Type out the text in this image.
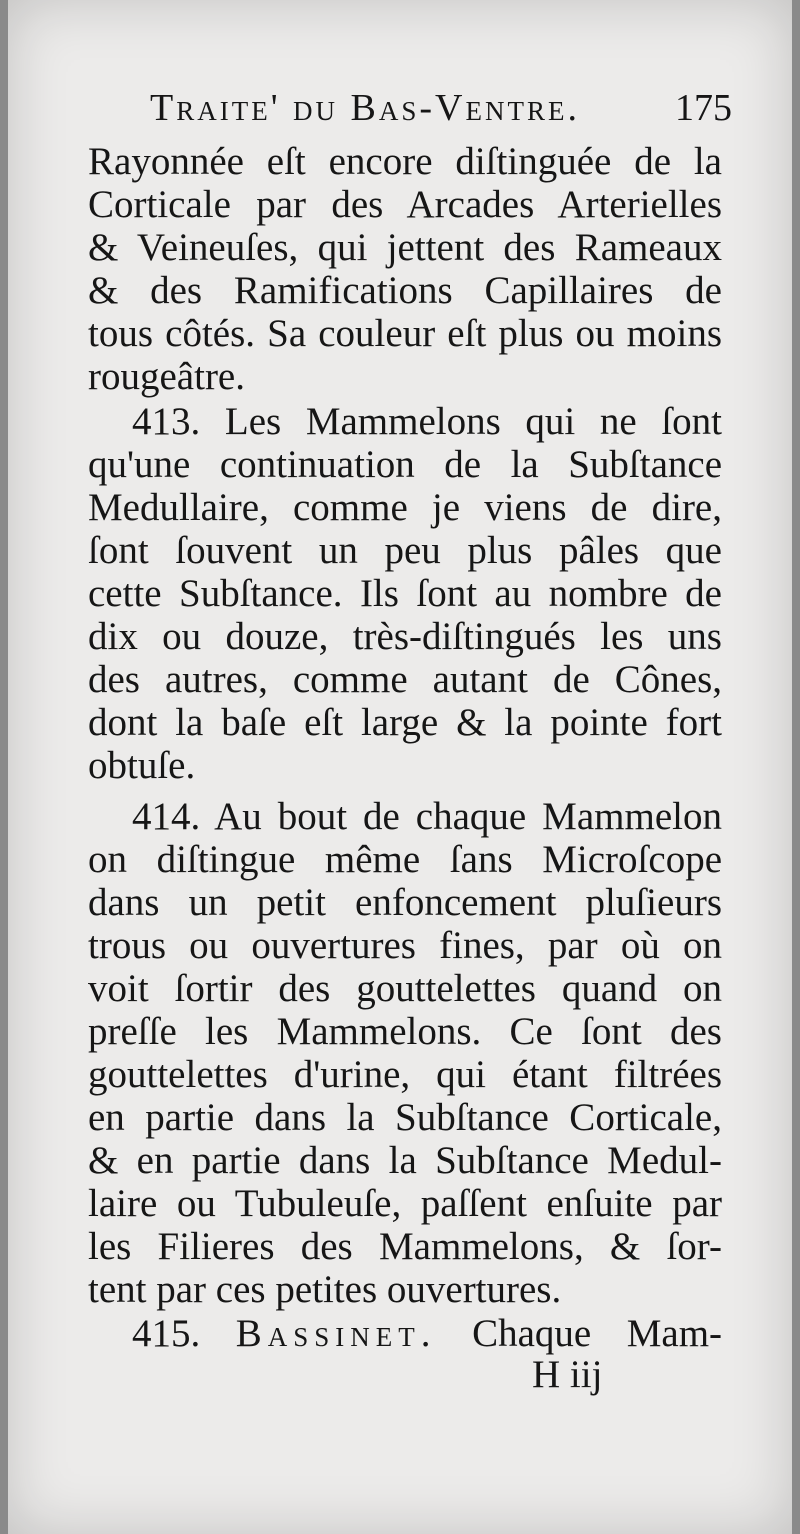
Traite' du Bas-Ventre.	175
Rayonnée eſt encore diſtinguée de la
Corticale par des Arcades Arterielles
& Veineuſes, qui jettent des Rameaux
& des Ramifications Capillaires de
tous côtés. Sa couleur eſt plus ou moins
rougeâtre.
413. Les Mammelons qui ne ſont
qu'une continuation de la Subſtance
Medullaire, comme je viens de dire,
ſont ſouvent un peu plus pâles que
cette Subſtance. Ils ſont au nombre de
dix ou douze, très-diſtingués les uns
des autres, comme autant de Cônes,
dont la baſe eſt large & la pointe fort
obtuſe.
414. Au bout de chaque Mammelon
on diſtingue même ſans Microſcope
dans un petit enfoncement pluſieurs
trous ou ouvertures fines, par où on
voit ſortir des gouttelettes quand on
preſſe les Mammelons. Ce ſont des
gouttelettes d'urine, qui étant filtrées
en partie dans la Subſtance Corticale,
& en partie dans la Subſtance Medul-
laire ou Tubuleuſe, paſſent enſuite par
les Filieres des Mammelons, & ſor-
tent par ces petites ouvertures.
415. Bassinet. Chaque Mam-
H iij
